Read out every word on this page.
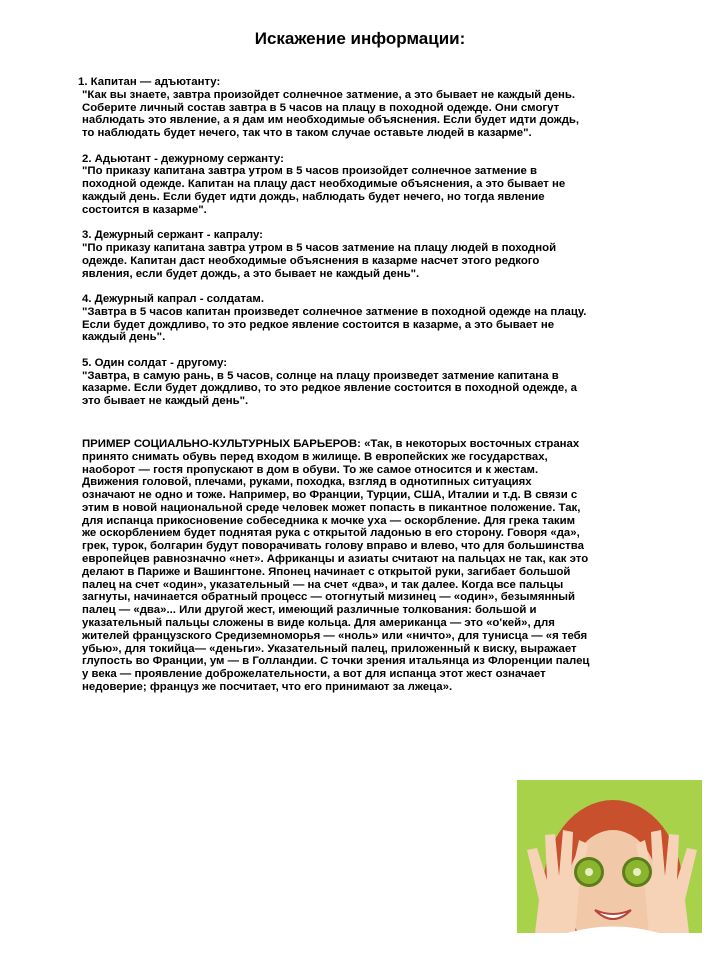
Искажение информации:
1. Капитан — адъютанту:
"Как вы знаете, завтра произойдет солнечное затмение, а это бывает не каждый день.
Соберите личный состав завтра в 5 часов на плацу в походной одежде. Они смогут
наблюдать это явление, а я дам им необходимые объяснения. Если будет идти дождь,
то наблюдать будет нечего, так что в таком случае оставьте людей в казарме".
2. Адьютант - дежурному сержанту:
"По приказу капитана завтра утром в 5 часов произойдет солнечное затмение в
походной одежде. Капитан на плацу даст необходимые объяснения, а это бывает не
каждый день. Если будет идти дождь, наблюдать будет нечего, но тогда явление
состоится в казарме".
3. Дежурный сержант - капралу:
"По приказу капитана завтра утром в 5 часов затмение на плацу людей в походной
одежде. Капитан даст необходимые объяснения в казарме насчет этого редкого
явления, если будет дождь, а это бывает не каждый день".
4. Дежурный капрал - солдатам.
"Завтра в 5 часов капитан произведет солнечное затмение в походной одежде на плацу.
Если будет дождливо, то это редкое явление состоится в казарме, а это бывает не
каждый день".
5. Один солдат - другому:
"Завтра, в самую рань, в 5 часов, солнце на плацу произведет затмение капитана в
казарме. Если будет дождливо, то это редкое явление состоится в походной одежде, а
это бывает не каждый день".
ПРИМЕР СОЦИАЛЬНО-КУЛЬТУРНЫХ БАРЬЕРОВ: «Так, в некоторых восточных странах
принято снимать обувь перед входом в жилище. В европейских же государствах,
наоборот — гостя пропускают в дом в обуви. То же самое относится и к жестам.
Движения головой, плечами, руками, походка, взгляд в однотипных ситуациях
означают не одно и тоже. Например, во Франции, Турции, США, Италии и т.д. В связи с
этим в новой национальной среде человек может попасть в пикантное положение. Так,
для испанца прикосновение собеседника к мочке уха — оскорбление. Для грека таким
же оскорблением будет поднятая рука с открытой ладонью в его сторону. Говоря «да»,
грек, турок, болгарин будут поворачивать голову вправо и влево, что для большинства
европейцев равнозначно «нет». Африканцы и азиаты считают на пальцах не так, как это
делают в Париже и Вашингтоне. Японец начинает с открытой руки, загибает большой
палец на счет «один», указательный — на счет «два», и так далее. Когда все пальцы
загнуты, начинается обратный процесс — отогнутый мизинец — «один», безымянный
палец — «два»... Или другой жест, имеющий различные толкования: большой и
указательный пальцы сложены в виде кольца. Для американца — это «о'кей», для
жителей французского Средиземноморья — «ноль» или «ничто», для тунисца — «я тебя
убью», для токийца— «деньги». Указательный палец, приложенный к виску, выражает
глупость во Франции, ум — в Голландии. С точки зрения итальянца из Флоренции палец
у века — проявление доброжелательности, а вот для испанца этот жест означает
недоверие; француз же посчитает, что его принимают за лжеца».
